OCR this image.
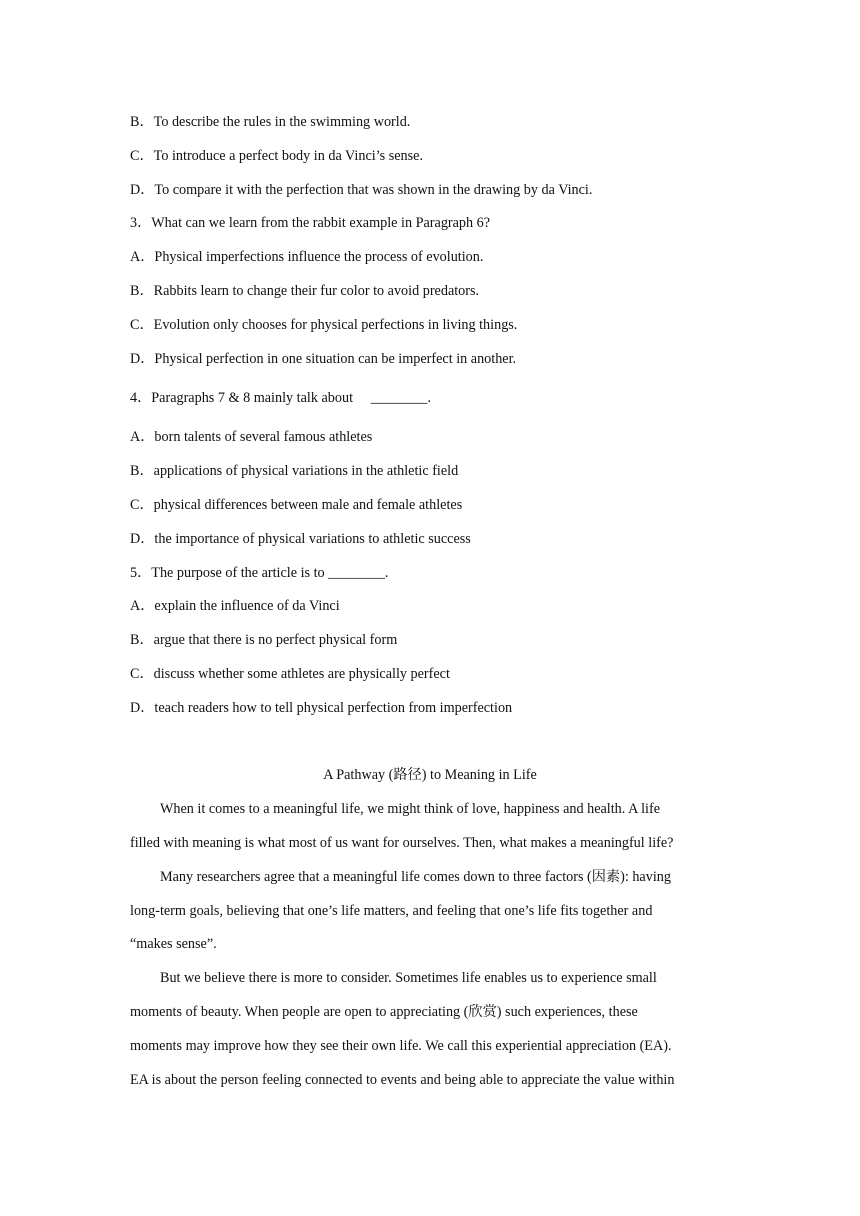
B．To describe the rules in the swimming world.
C．To introduce a perfect body in da Vinci’s sense.
D．To compare it with the perfection that was shown in the drawing by da Vinci.
3．What can we learn from the rabbit example in Paragraph 6?
A．Physical imperfections influence the process of evolution.
B．Rabbits learn to change their fur color to avoid predators.
C．Evolution only chooses for physical perfections in living things.
D．Physical perfection in one situation can be imperfect in another.
4．Paragraphs 7 & 8 mainly talk about     ________.
A．born talents of several famous athletes
B．applications of physical variations in the athletic field
C．physical differences between male and female athletes
D．the importance of physical variations to athletic success
5．The purpose of the article is to ________.
A．explain the influence of da Vinci
B．argue that there is no perfect physical form
C．discuss whether some athletes are physically perfect
D．teach readers how to tell physical perfection from imperfection
A Pathway (路径) to Meaning in Life
When it comes to a meaningful life, we might think of love, happiness and health. A life
filled with meaning is what most of us want for ourselves. Then, what makes a meaningful life?
Many researchers agree that a meaningful life comes down to three factors (因素): having
long-term goals, believing that one’s life matters, and feeling that one’s life fits together and
“makes sense”.
But we believe there is more to consider. Sometimes life enables us to experience small
moments of beauty. When people are open to appreciating (欣赏) such experiences, these
moments may improve how they see their own life. We call this experiential appreciation (EA).
EA is about the person feeling connected to events and being able to appreciate the value within
